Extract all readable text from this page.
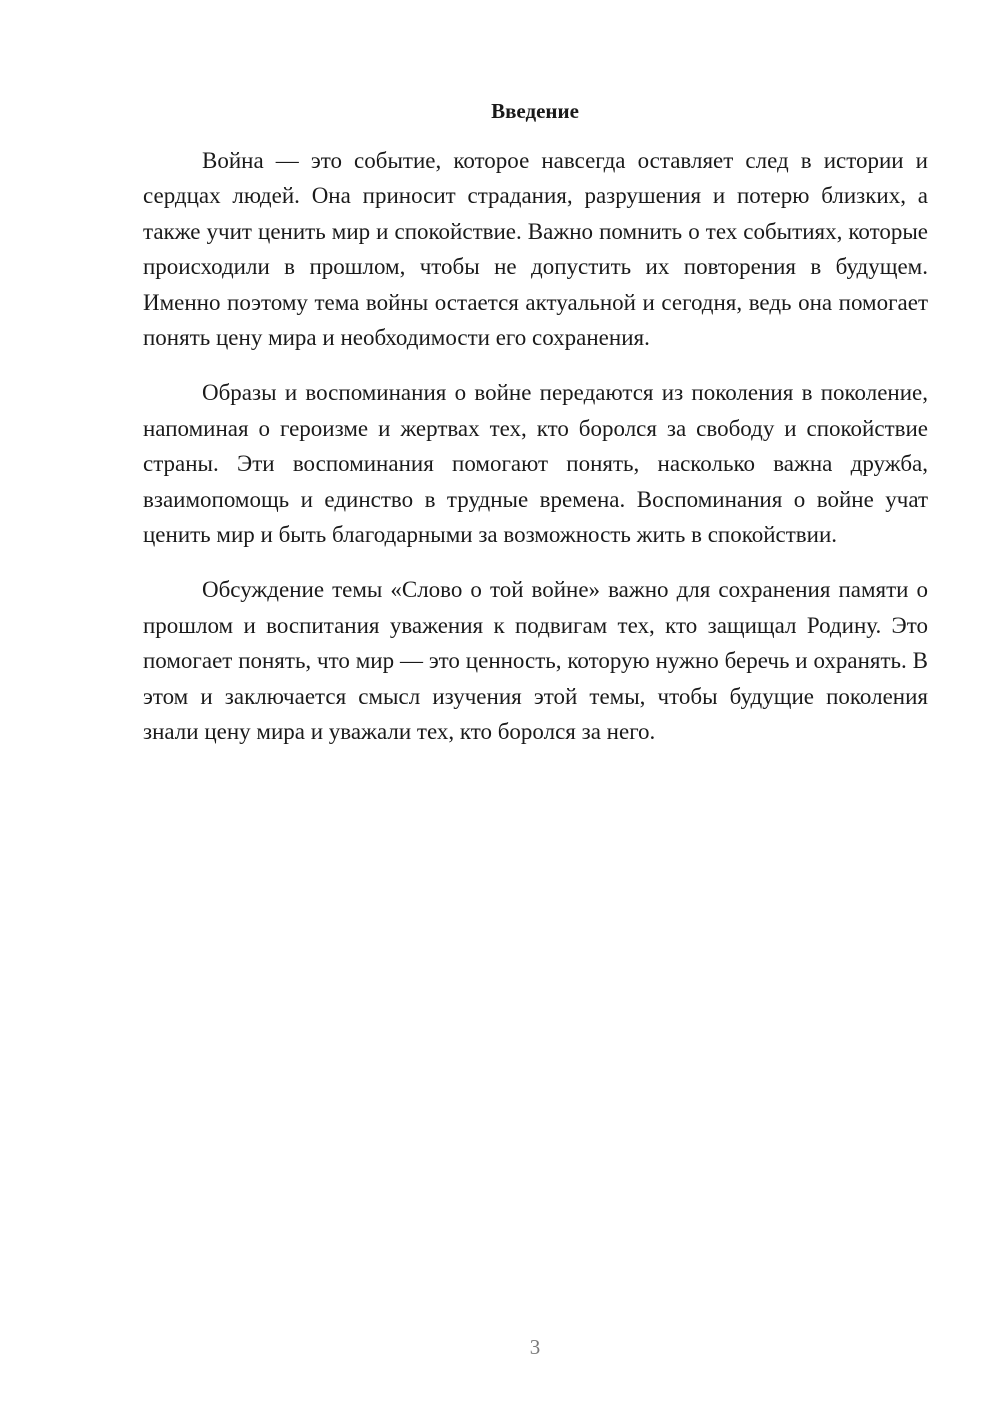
Введение

Война — это событие, которое навсегда оставляет след в истории и сердцах людей. Она приносит страдания, разрушения и потерю близких, а также учит ценить мир и спокойствие. Важно помнить о тех событиях, которые происходили в прошлом, чтобы не допустить их повторения в будущем. Именно поэтому тема войны остается актуальной и сегодня, ведь она помогает понять цену мира и необходимости его сохранения.

Образы и воспоминания о войне передаются из поколения в поколение, напоминая о героизме и жертвах тех, кто боролся за свободу и спокойствие страны. Эти воспоминания помогают понять, насколько важна дружба, взаимопомощь и единство в трудные времена. Воспоминания о войне учат ценить мир и быть благодарными за возможность жить в спокойствии.

Обсуждение темы «Слово о той войне» важно для сохранения памяти о прошлом и воспитания уважения к подвигам тех, кто защищал Родину. Это помогает понять, что мир — это ценность, которую нужно беречь и охранять. В этом и заключается смысл изучения этой темы, чтобы будущие поколения знали цену мира и уважали тех, кто боролся за него.

3
